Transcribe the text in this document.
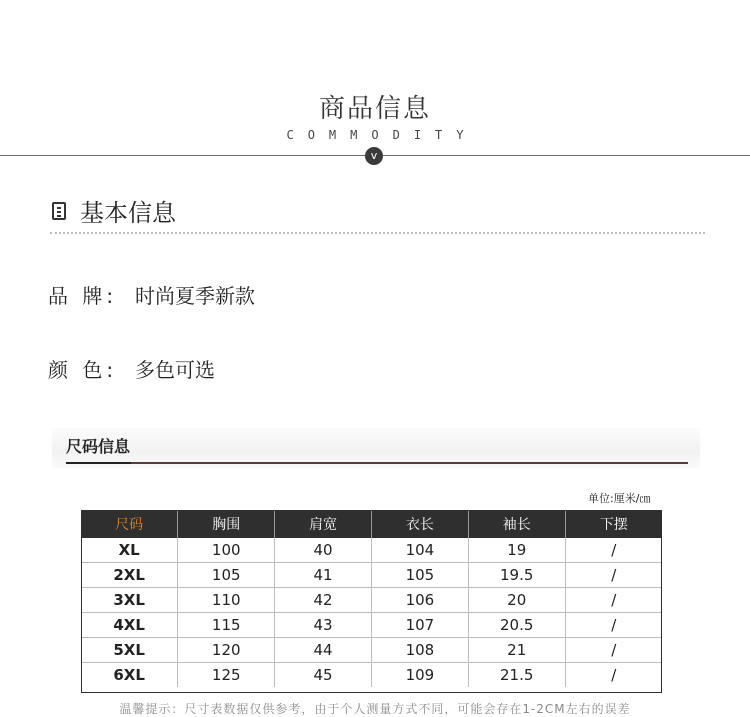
商品信息
COMMODITY
v
基本信息
品 牌: 时尚夏季新款
颜 色: 多色可选
尺码信息
单位:厘米/㎝
尺码	胸围	肩宽	衣长	袖长	下摆
XL	100	40	104	19	/
2XL	105	41	105	19.5	/
3XL	110	42	106	20	/
4XL	115	43	107	20.5	/
5XL	120	44	108	21	/
6XL	125	45	109	21.5	/
温馨提示：尺寸表数据仅供参考，由于个人测量方式不同，可能会存在1-2CM左右的误差
